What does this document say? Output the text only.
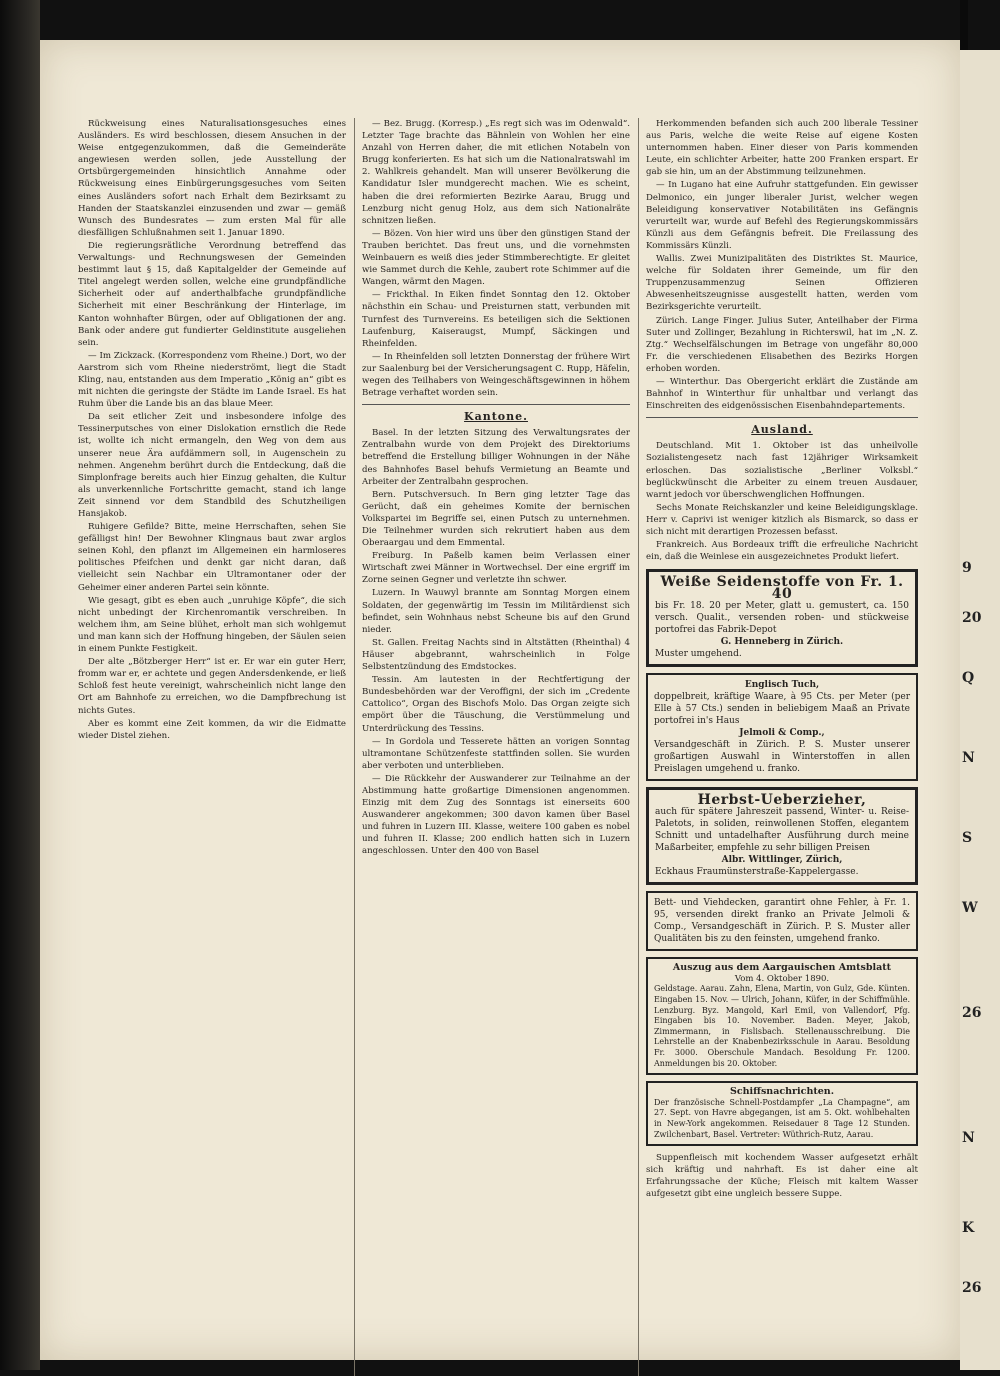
Rückweisung eines Naturalisationsgesuches eines Ausländers. Es wird beschlossen, diesem Ansuchen in der Weise entgegenzukommen, daß die Gemeinderäte angewiesen werden sollen, jede Ausstellung der Ortsbürgergemeinden hinsichtlich Annahme oder Rückweisung eines Einbürgerungsgesuches vom Seiten eines Ausländers sofort nach Erhalt dem Bezirksamt zu Handen der Staatskanzlei einzusenden und zwar — gemäß Wunsch des Bundesrates — zum ersten Mal für alle diesfälligen Schlußnahmen seit 1. Januar 1890.

Die regierungsrätliche Verordnung betreffend das Verwaltungs- und Rechnungswesen der Gemeinden bestimmt laut § 15, daß Kapitalgelder der Gemeinde auf Titel angelegt werden sollen, welche eine grundpfändliche Sicherheit oder auf anderthalbfache grundpfändliche Sicherheit mit einer Beschränkung der Hinterlage, im Kanton wohnhafter Bürgen, oder auf Obligationen der ang. Bank oder andere gut fundierter Geldinstitute ausgeliehen sein.

— Im Zickzack. (Korrespondenz vom Rheine.) Dort, wo der Aarstrom sich vom Rheine niederströmt, liegt die Stadt Kling, nau, entstanden aus dem Imperatio „König an“ gibt es mit nichten die geringste der Städte im Lande Israel. Es hat Ruhm über die Lande bis an das blaue Meer.

Da seit etlicher Zeit und insbesondere infolge des Tessinerputsches von einer Dislokation ernstlich die Rede ist, wollte ich nicht ermangeln, den Weg von dem aus unserer neue Ära aufdämmern soll, in Augenschein zu nehmen. Angenehm berührt durch die Entdeckung, daß die Simplonfrage bereits auch hier Einzug gehalten, die Kultur als unverkennliche Fortschritte gemacht, stand ich lange Zeit sinnend vor dem Standbild des Schutzheiligen Hansjakob.

Ruhigere Gefilde? Bitte, meine Herrschaften, sehen Sie gefälligst hin! Der Bewohner Klingnaus baut zwar arglos seinen Kohl, den pflanzt im Allgemeinen ein harmloseres politisches Pfeifchen und denkt gar nicht daran, daß vielleicht sein Nachbar ein Ultramontaner oder der Geheimer einer anderen Partei sein könnte.

Wie gesagt, gibt es eben auch „unruhige Köpfe“, die sich nicht unbedingt der Kirchenromantik verschreiben. In welchem ihm, am Seine blühet, erholt man sich wohlgemut und man kann sich der Hoffnung hingeben, der Säulen seien in einem Punkte Festigkeit.

Der alte „Bötzberger Herr“ ist er. Er war ein guter Herr, fromm war er, er achtete und gegen Andersdenkende, er ließ Schloß fest heute vereinigt, wahrscheinlich nicht lange den Ort am Bahnhofe zu erreichen, wo die Dampfbrechung ist nichts Gutes.

Aber es kommt eine Zeit kommen, da wir die Eidmatte wieder Distel ziehen.

— Bez. Brugg. (Korresp.) „Es regt sich was im Odenwald“. Letzter Tage brachte das Bähnlein von Wohlen her eine Anzahl von Herren daher, die mit etlichen Notabeln von Brugg konferierten. Es hat sich um die Nationalratswahl im 2. Wahlkreis gehandelt. Man will unserer Bevölkerung die Kandidatur Isler mundgerecht machen. Wie es scheint, haben die drei reformierten Bezirke Aarau, Brugg und Lenzburg nicht genug Holz, aus dem sich Nationalräte schnitzen ließen.

— Bözen. Von hier wird uns über den günstigen Stand der Trauben berichtet. Das freut uns, und die vornehmsten Weinbauern es weiß dies jeder Stimmberechtigte. Er gleitet wie Sammet durch die Kehle, zaubert rote Schimmer auf die Wangen, wärmt den Magen.

— Frickthal. In Eiken findet Sonntag den 12. Oktober nächsthin ein Schau- und Preisturnen statt, verbunden mit Turnfest des Turnvereins. Es beteiligen sich die Sektionen Laufenburg, Kaiseraugst, Mumpf, Säckingen und Rheinfelden.

— In Rheinfelden soll letzten Donnerstag der frühere Wirt zur Saalenburg bei der Versicherungsagent C. Rupp, Häfelin, wegen des Teilhabers von Weingeschäftsgewinnen in höhem Betrage verhaftet worden sein.

Kantone.

Basel. In der letzten Sitzung des Verwaltungsrates der Zentralbahn wurde von dem Projekt des Direktoriums betreffend die Erstellung billiger Wohnungen in der Nähe des Bahnhofes Basel behufs Vermietung an Beamte und Arbeiter der Zentralbahn gesprochen.

Bern. Putschversuch. In Bern ging letzter Tage das Gerücht, daß ein geheimes Komite der bernischen Volkspartei im Begriffe sei, einen Putsch zu unternehmen. Die Teilnehmer wurden sich rekrutiert haben aus dem Oberaargau und dem Emmental.

Freiburg. In Paßelb kamen beim Verlassen einer Wirtschaft zwei Männer in Wortwechsel. Der eine ergriff im Zorne seinen Gegner und verletzte ihn schwer.

Luzern. In Wauwyl brannte am Sonntag Morgen einem Soldaten, der gegenwärtig im Tessin im Militärdienst sich befindet, sein Wohnhaus nebst Scheune bis auf den Grund nieder.

St. Gallen. Freitag Nachts sind in Altstätten (Rheinthal) 4 Häuser abgebrannt, wahrscheinlich in Folge Selbstentzündung des Emdstockes.

Tessin. Am lautesten in der Rechtfertigung der Bundesbehörden war der Veroffigni, der sich im „Credente Cattolico“, Organ des Bischofs Molo. Das Organ zeigte sich empört über die Täuschung, die Verstümmelung und Unterdrückung des Tessins.

— In Gordola und Tesserete hätten an vorigen Sonntag ultramontane Schützenfeste stattfinden sollen. Sie wurden aber verboten und unterblieben.

— Die Rückkehr der Auswanderer zur Teilnahme an der Abstimmung hatte großartige Dimensionen angenommen. Einzig mit dem Zug des Sonntags ist einerseits 600 Auswanderer angekommen; 300 davon kamen über Basel und fuhren in Luzern III. Klasse, weitere 100 gaben es nobel und fuhren II. Klasse; 200 endlich hatten sich in Luzern angeschlossen. Unter den 400 von Basel

Herkommenden befanden sich auch 200 liberale Tessiner aus Paris, welche die weite Reise auf eigene Kosten unternommen haben. Einer dieser von Paris kommenden Leute, ein schlichter Arbeiter, hatte 200 Franken erspart. Er gab sie hin, um an der Abstimmung teilzunehmen.

— In Lugano hat eine Aufruhr stattgefunden. Ein gewisser Delmonico, ein junger liberaler Jurist, welcher wegen Beleidigung konservativer Notabilitäten ins Gefängnis verurteilt war, wurde auf Befehl des Regierungskommissärs Künzli aus dem Gefängnis befreit. Die Freilassung des Kommissärs Künzli.

Wallis. Zwei Munizipalitäten des Distriktes St. Maurice, welche für Soldaten ihrer Gemeinde, um für den Truppenzusammenzug Seinen Offizieren Abwesenheitszeugnisse ausgestellt hatten, werden vom Bezirksgerichte verurteilt.

Zürich. Lange Finger. Julius Suter, Anteilhaber der Firma Suter und Zollinger, Bezahlung in Richterswil, hat im „N. Z. Ztg.“ Wechselfälschungen im Betrage von ungefähr 80,000 Fr. die verschiedenen Elisabethen des Bezirks Horgen erhoben worden.

— Winterthur. Das Obergericht erklärt die Zustände am Bahnhof in Winterthur für unhaltbar und verlangt das Einschreiten des eidgenössischen Eisenbahndepartements.

Ausland.

Deutschland. Mit 1. Oktober ist das unheilvolle Sozialistengesetz nach fast 12jähriger Wirksamkeit erloschen. Das sozialistische „Berliner Volksbl.“ beglückwünscht die Arbeiter zu einem treuen Ausdauer, warnt jedoch vor überschwenglichen Hoffnungen.

Sechs Monate Reichskanzler und keine Beleidigungsklage. Herr v. Caprivi ist weniger kitzlich als Bismarck, so dass er sich nicht mit derartigen Prozessen befasst.

Frankreich. Aus Bordeaux trifft die erfreuliche Nachricht ein, daß die Weinlese ein ausgezeichnetes Produkt liefert.

Weiße Seidenstoffe von Fr. 1. 40
bis Fr. 18. 20 per Meter, glatt u. gemustert, ca. 150 versch. Qualit., versenden roben- und stückweise portofrei das Fabrik-Depot
G. Henneberg in Zürich.
Muster umgehend.
Englisch Tuch,
doppelbreit, kräftige Waare, à 95 Cts. per Meter (per Elle à 57 Cts.) senden in beliebigem Maaß an Private portofrei in's Haus
Jelmoli & Comp.,
Versandgeschäft in Zürich. P. S. Muster unserer großartigen Auswahl in Winterstoffen in allen Preislagen umgehend u. franko.
Herbst-Ueberzieher,
auch für spätere Jahreszeit passend, Winter- u. Reise-Paletots, in soliden, reinwollenen Stoffen, elegantem Schnitt und untadelhafter Ausführung durch meine Maßarbeiter, empfehle zu sehr billigen Preisen
Albr. Wittlinger, Zürich,
Eckhaus Fraumünsterstraße-Kappelergasse.
Bett- und Viehdecken, garantirt ohne Fehler, à Fr. 1. 95, versenden direkt franko an Private Jelmoli & Comp., Versandgeschäft in Zürich. P. S. Muster aller Qualitäten bis zu den feinsten, umgehend franko.
Auszug aus dem Aargauischen Amtsblatt
Vom 4. Oktober 1890.
Geldstage. Aarau. Zahn, Elena, Martin, von Gulz, Gde. Künten. Eingaben 15. Nov. — Ulrich, Johann, Küfer, in der Schiffmühle. Lenzburg. Byz. Mangold, Karl Emil, von Vallendorf, Pfg. Eingaben bis 10. November. Baden. Meyer, Jakob, Zimmermann, in Fislisbach. Stellenausschreibung. Die Lehrstelle an der Knabenbezirksschule in Aarau. Besoldung Fr. 3000. Oberschule Mandach. Besoldung Fr. 1200. Anmeldungen bis 20. Oktober.
Schiffsnachrichten.
Der französische Schnell-Postdampfer „La Champagne“, am 27. Sept. von Havre abgegangen, ist am 5. Okt. wohlbehalten in New-York angekommen. Reisedauer 8 Tage 12 Stunden. Zwilchenbart, Basel. Vertreter: Wüthrich-Rutz, Aarau.

Suppenfleisch mit kochendem Wasser aufgesetzt erhält sich kräftig und nahrhaft. Es ist daher eine alt Erfahrungssache der Küche; Fleisch mit kaltem Wasser aufgesetzt gibt eine ungleich bessere Suppe.

9
20
Q
N
S
W
26
N
K
26
